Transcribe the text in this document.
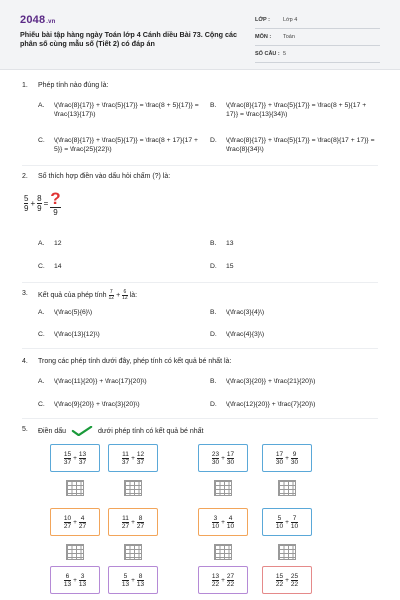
2048.vn
Phiếu bài tập hàng ngày Toán lớp 4 Cánh diều Bài 73. Cộng các phân số cùng mẫu số (Tiết 2) có đáp án
LỚP :	Lớp 4
MÔN :	Toán
SỐ CÂU : 5
1. Phép tính nào đúng là:
A.	\(\frac{8}{17}} + \frac{5}{17}} = \frac{8 + 5}{17}} = \frac{13}{17}\)
B.	\(\frac{8}{17}} + \frac{5}{17}} = \frac{8 + 5}{17 + 17}} = \frac{13}{34}\)
C.	\(\frac{8}{17}} + \frac{5}{17}} = \frac{8 + 17}{17 + 5}} = \frac{25}{22}\)
D.	\(\frac{8}{17}} + \frac{5}{17}} = \frac{8}{17 + 17}} = \frac{8}{34}\)
2. Số thích hợp điền vào dấu hỏi chấm (?) là:
$\frac{5}{9} + \frac{8}{9} = \frac{?}{9}$
A.	12	B.	13
C.	14	D.	15
3. Kết quả của phép tính $\frac{7}{12} + \frac{6}{12}$ là:
A.	\(\frac{5}{6}\)	B.	\(\frac{3}{4}\)
C.	\(\frac{13}{12}\)	D.	\(\frac{4}{3}\)
4. Trong các phép tính dưới đây, phép tính có kết quả bé nhất là:
A.	\(\frac{11}{20}} + \frac{17}{20}\)	B.	\(\frac{3}{20}} + \frac{21}{20}\)
C.	\(\frac{9}{20}} + \frac{3}{20}\)	D.	\(\frac{12}{20}} + \frac{7}{20}\)
5. Điền dấu	dưới phép tính có kết quả bé nhất
$\frac{15}{37} + \frac{13}{37}$	$\frac{11}{37} + \frac{12}{37}$	$\frac{23}{30} + \frac{17}{30}$	$\frac{17}{30} + \frac{9}{30}$
$\frac{10}{27} + \frac{4}{27}$	$\frac{11}{27} + \frac{8}{27}$	$\frac{3}{10} + \frac{4}{10}$	$\frac{5}{10} + \frac{7}{10}$
$\frac{6}{13} + \frac{3}{13}$	$\frac{5}{13} + \frac{8}{13}$	$\frac{13}{22} + \frac{27}{22}$	$\frac{15}{22} + \frac{25}{22}$
